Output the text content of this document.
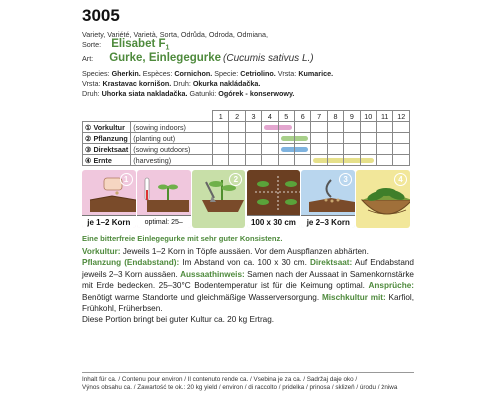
3005
Variety, Variété, Varietà, Sorta, Odrůda, Odroda, Odmiana,
Sorte: Elisabet $F_1$
Art: Gurke, Einlegegurke (Cucumis sativus L.)
Species: Gherkin. Espèces: Cornichon. Specie: Cetriolino. Vrsta: Kumarice.
Vrsta: Krastavac kornišon. Druh: Okurka nakládačka.
Druh: Uhorka siata nakladačka. Gatunki: Ogórek - konserwowy.
		1	2	3	4	5	6	7	8	9	10	11	12
① Vorkultur	(sowing indoors)				

② Pflanzung	(planting out)					

③ Direktsaat	(sowing outdoors)					

④ Ernte	(harvesting)							

1
je 1–2 Korn	optimal: 25–
2
100 x 30 cm
3
je 2–3 Korn
4
Eine bitterfreie Einlegegurke mit sehr guter Konsistenz.
Vorkultur: Jeweils 1–2 Korn in Töpfe aussäen. Vor dem Auspflanzen abhärten.
Pflanzung (Endabstand): Im Abstand von ca. 100 x 30 cm. Direktsaat: Auf Endabstand jeweils 2–3 Korn aussäen. Aussaathinweis: Samen nach der Aussaat in Samenkornstärke mit Erde bedecken. 25–30°C Bodentemperatur ist für die Keimung optimal. Ansprüche: Benötigt warme Standorte und gleichmäßige Wasserversorgung. Mischkultur mit: Karfiol, Frühkohl, Früherbsen.
Diese Portion bringt bei guter Kultur ca. 20 kg Ertrag.
Inhalt für ca. / Contenu pour environ / Il contenuto rende ca. / Vsebina je za ca. / Sadržaj daje oko /
Výnos obsahu ca. / Zawartość te ok.: 20 kg yield / environ / di raccolto / pridelka / prinosa / sklizeň / úrodu / żniwa
